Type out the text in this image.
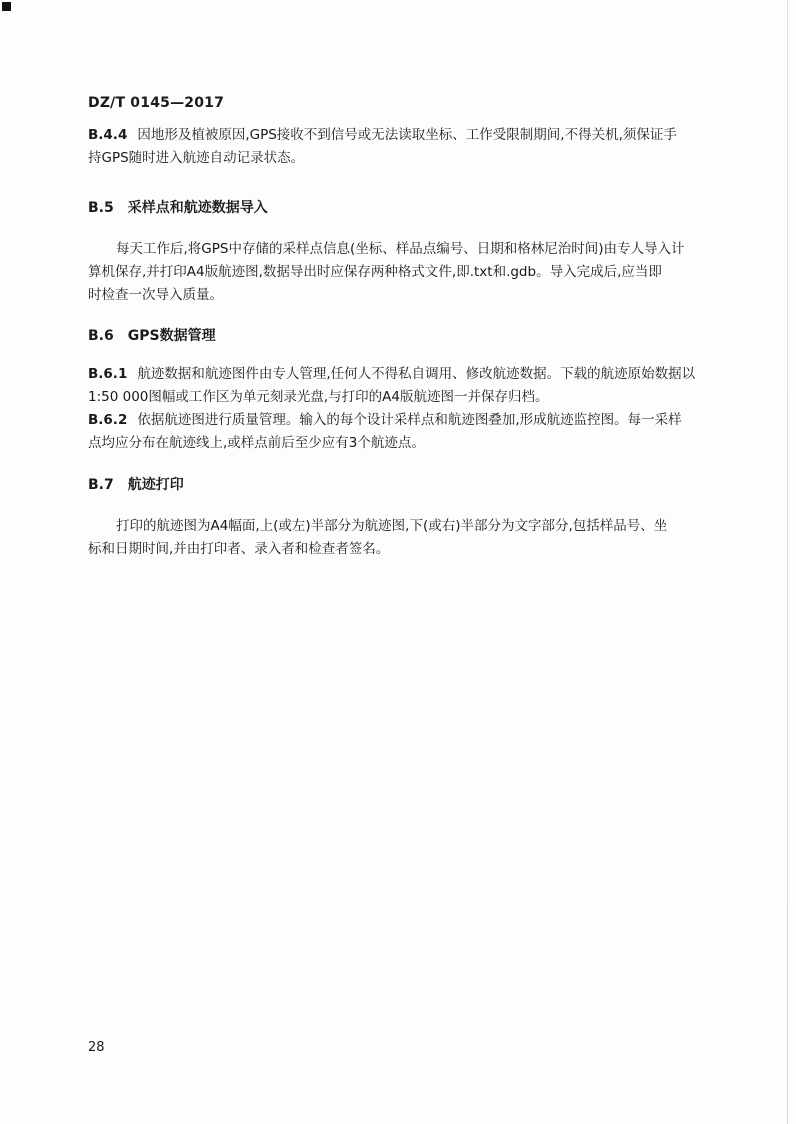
DZ/T 0145—2017
B.4.4 因地形及植被原因,GPS接收不到信号或无法读取坐标、工作受限制期间,不得关机,须保证手
持GPS随时进入航迹自动记录状态。
B.5 采样点和航迹数据导入
每天工作后,将GPS中存储的采样点信息(坐标、样品点编号、日期和格林尼治时间)由专人导入计
算机保存,并打印A4版航迹图,数据导出时应保存两种格式文件,即.txt和.gdb。导入完成后,应当即
时检查一次导入质量。
B.6 GPS数据管理
B.6.1 航迹数据和航迹图件由专人管理,任何人不得私自调用、修改航迹数据。下载的航迹原始数据以
1:50 000图幅或工作区为单元刻录光盘,与打印的A4版航迹图一并保存归档。
B.6.2 依据航迹图进行质量管理。输入的每个设计采样点和航迹图叠加,形成航迹监控图。每一采样
点均应分布在航迹线上,或样点前后至少应有3个航迹点。
B.7 航迹打印
打印的航迹图为A4幅面,上(或左)半部分为航迹图,下(或右)半部分为文字部分,包括样品号、坐
标和日期时间,并由打印者、录入者和检查者签名。
28
